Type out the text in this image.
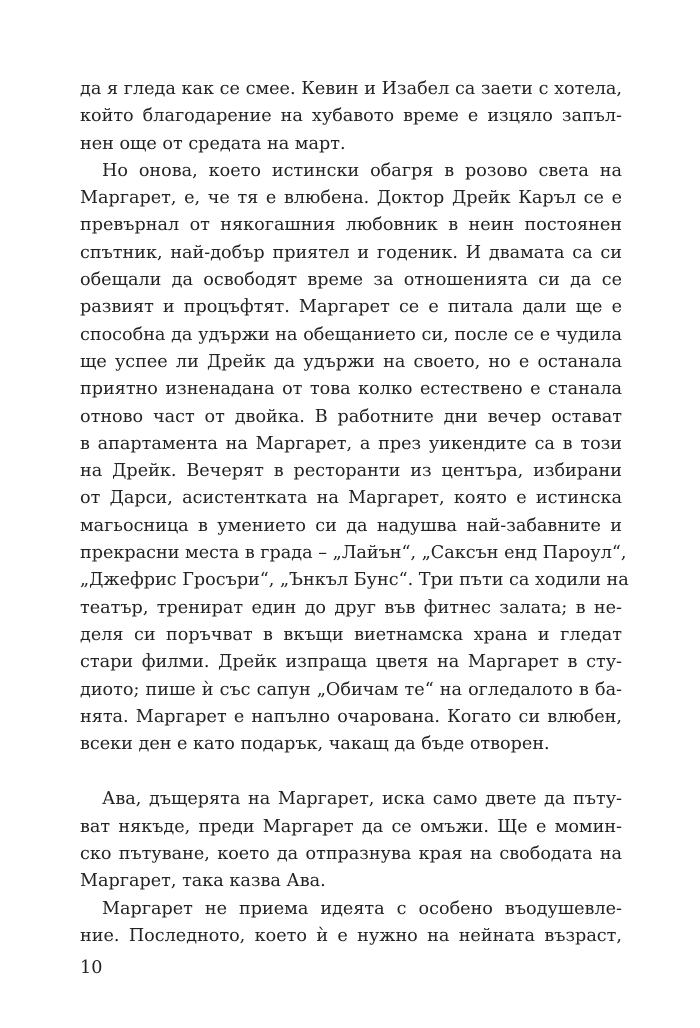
да я гледа как се смее. Кевин и Изабел са заети с хотела,
който благодарение на хубавото време е изцяло запъл-
нен още от средата на март.
Но онова, което истински обагря в розово света на
Маргарет, е, че тя е влюбена. Доктор Дрейк Каръл се е
превърнал от някогашния любовник в неин постоянен
спътник, най-добър приятел и годеник. И двамата са си
обещали да освободят време за отношенията си да се
развият и процъфтят. Маргарет се е питала дали ще е
способна да удържи на обещанието си, после се е чудила
ще успее ли Дрейк да удържи на своето, но е останала
приятно изненадана от това колко естествено е станала
отново част от двойка. В работните дни вечер остават
в апартамента на Маргарет, а през уикендите са в този
на Дрейк. Вечерят в ресторанти из центъра, избирани
от Дарси, асистентката на Маргарет, която е истинска
магьосница в умението си да надушва най-забавните и
прекрасни места в града – „Лайън“, „Саксън енд Пароул“,
„Джефрис Гросъри“, „Ънкъл Бунс“. Три пъти са ходили на
театър, тренират един до друг във фитнес залата; в не-
деля си поръчват в вкъщи виетнамска храна и гледат
стари филми. Дрейк изпраща цветя на Маргарет в сту-
диото; пише ѝ със сапун „Обичам те“ на огледалото в ба-
нята. Маргарет е напълно очарована. Когато си влюбен,
всеки ден е като подарък, чакащ да бъде отворен.
Ава, дъщерята на Маргарет, иска само двете да пъту-
ват някъде, преди Маргарет да се омъжи. Ще е момин-
ско пътуване, което да отпразнува края на свободата на
Маргарет, така казва Ава.
Маргарет не приема идеята с особено въодушевле-
ние. Последното, което ѝ е нужно на нейната възраст,
10
